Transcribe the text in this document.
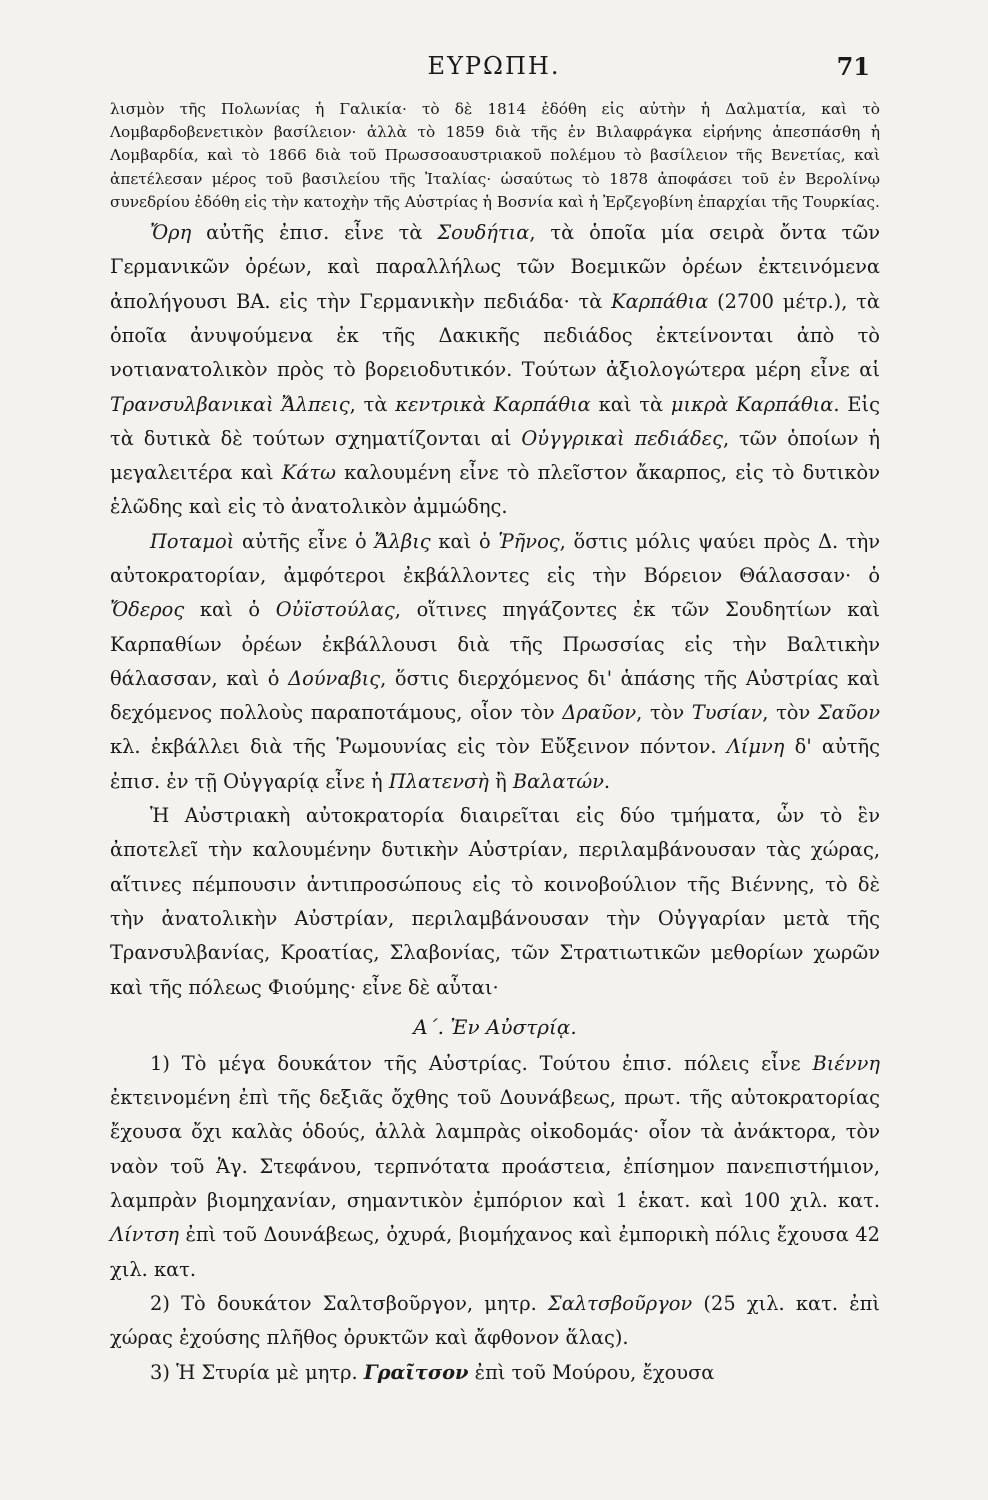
ΕΥΡΩΠΗ.	71

λισμὸν τῆς Πολωνίας ἡ Γαλικία· τὸ δὲ 1814 ἐδόθη εἰς αὐτὴν ἡ Δαλματία, καὶ τὸ Λομβαρδοβενετικὸν βασίλειον· ἀλλὰ τὸ 1859 διὰ τῆς ἐν Βιλαφράγκα εἰρήνης ἀπεσπάσθη ἡ Λομβαρδία, καὶ τὸ 1866 διὰ τοῦ Πρωσσοαυστριακοῦ πολέμου τὸ βασίλειον τῆς Βενετίας, καὶ ἀπετέλεσαν μέρος τοῦ βασιλείου τῆς Ἰταλίας· ὡσαύτως τὸ 1878 ἀποφάσει τοῦ ἐν Βερολίνῳ συνεδρίου ἐδόθη εἰς τὴν κατοχὴν τῆς Αὐστρίας ἡ Βοσνία καὶ ἡ Ἐρζεγοβίνη ἐπαρχίαι τῆς Τουρκίας.

Ὄρη αὐτῆς ἐπισ. εἶνε τὰ Σουδήτια, τὰ ὁποῖα μία σειρὰ ὄντα τῶν Γερμανικῶν ὀρέων, καὶ παραλλήλως τῶν Βοεμικῶν ὀρέων ἐκτεινόμενα ἀπολήγουσι ΒΑ. εἰς τὴν Γερμανικὴν πεδιάδα· τὰ Καρπάθια (2700 μέτρ.), τὰ ὁποῖα ἀνυψούμενα ἐκ τῆς Δακικῆς πεδιάδος ἐκτείνονται ἀπὸ τὸ νοτιανατολικὸν πρὸς τὸ βορειοδυτικόν. Τούτων ἀξιολογώτερα μέρη εἶνε αἱ Τρανσυλβανικαὶ Ἄλπεις, τὰ κεντρικὰ Καρπάθια καὶ τὰ μικρὰ Καρπάθια. Εἰς τὰ δυτικὰ δὲ τούτων σχηματίζονται αἱ Οὐγγρικαὶ πεδιάδες, τῶν ὁποίων ἡ μεγαλειτέρα καὶ Κάτω καλουμένη εἶνε τὸ πλεῖστον ἄκαρπος, εἰς τὸ δυτικὸν ἑλῶδης καὶ εἰς τὸ ἀνατολικὸν ἀμμώδης.

Ποταμοὶ αὐτῆς εἶνε ὁ Ἄλβις καὶ ὁ Ῥῆνος, ὅστις μόλις ψαύει πρὸς Δ. τὴν αὐτοκρατορίαν, ἀμφότεροι ἐκβάλλοντες εἰς τὴν Βόρειον Θάλασσαν· ὁ Ὄδερος καὶ ὁ Οὐϊστούλας, οἵτινες πηγάζοντες ἐκ τῶν Σουδητίων καὶ Καρπαθίων ὀρέων ἐκβάλλουσι διὰ τῆς Πρωσσίας εἰς τὴν Βαλτικὴν θάλασσαν, καὶ ὁ Δούναβις, ὅστις διερχόμενος δι' ἁπάσης τῆς Αὐστρίας καὶ δεχόμενος πολλοὺς παραποτάμους, οἷον τὸν Δραῦον, τὸν Τυσίαν, τὸν Σαῦον κλ. ἐκβάλλει διὰ τῆς Ῥωμουνίας εἰς τὸν Εὔξεινον πόντον. Λίμνη δ' αὐτῆς ἐπισ. ἐν τῇ Οὐγγαρίᾳ εἶνε ἡ Πλατενσὴ ἢ Βαλατών.

Ἡ Αὐστριακὴ αὐτοκρατορία διαιρεῖται εἰς δύο τμήματα, ὧν τὸ ἓν ἀποτελεῖ τὴν καλουμένην δυτικὴν Αὐστρίαν, περιλαμβάνουσαν τὰς χώρας, αἵτινες πέμπουσιν ἀντιπροσώπους εἰς τὸ κοινοβούλιον τῆς Βιέννης, τὸ δὲ τὴν ἀνατολικὴν Αὐστρίαν, περιλαμβάνουσαν τὴν Οὐγγαρίαν μετὰ τῆς Τρανσυλβανίας, Κροατίας, Σλαβονίας, τῶν Στρατιωτικῶν μεθορίων χωρῶν καὶ τῆς πόλεως Φιούμης· εἶνε δὲ αὗται·

Α΄. Ἐν Αὐστρίᾳ.

1) Τὸ μέγα δουκάτον τῆς Αὐστρίας. Τούτου ἐπισ. πόλεις εἶνε Βιέννη ἐκτεινομένη ἐπὶ τῆς δεξιᾶς ὄχθης τοῦ Δουνάβεως, πρωτ. τῆς αὐτοκρατορίας ἔχουσα ὄχι καλὰς ὁδούς, ἀλλὰ λαμπρὰς οἰκοδομάς· οἷον τὰ ἀνάκτορα, τὸν ναὸν τοῦ Ἁγ. Στεφάνου, τερπνότατα προάστεια, ἐπίσημον πανεπιστήμιον, λαμπρὰν βιομηχανίαν, σημαντικὸν ἐμπόριον καὶ 1 ἑκατ. καὶ 100 χιλ. κατ. Λίντση ἐπὶ τοῦ Δουνάβεως, ὀχυρά, βιομήχανος καὶ ἐμπορικὴ πόλις ἔχουσα 42 χιλ. κατ.

2) Τὸ δουκάτον Σαλτσβοῦργον, μητρ. Σαλτσβοῦργον (25 χιλ. κατ. ἐπὶ χώρας ἐχούσης πλῆθος ὀρυκτῶν καὶ ἄφθονον ἅλας).

3) Ἡ Στυρία μὲ μητρ. Γραῖτσον ἐπὶ τοῦ Μούρου, ἔχουσα
